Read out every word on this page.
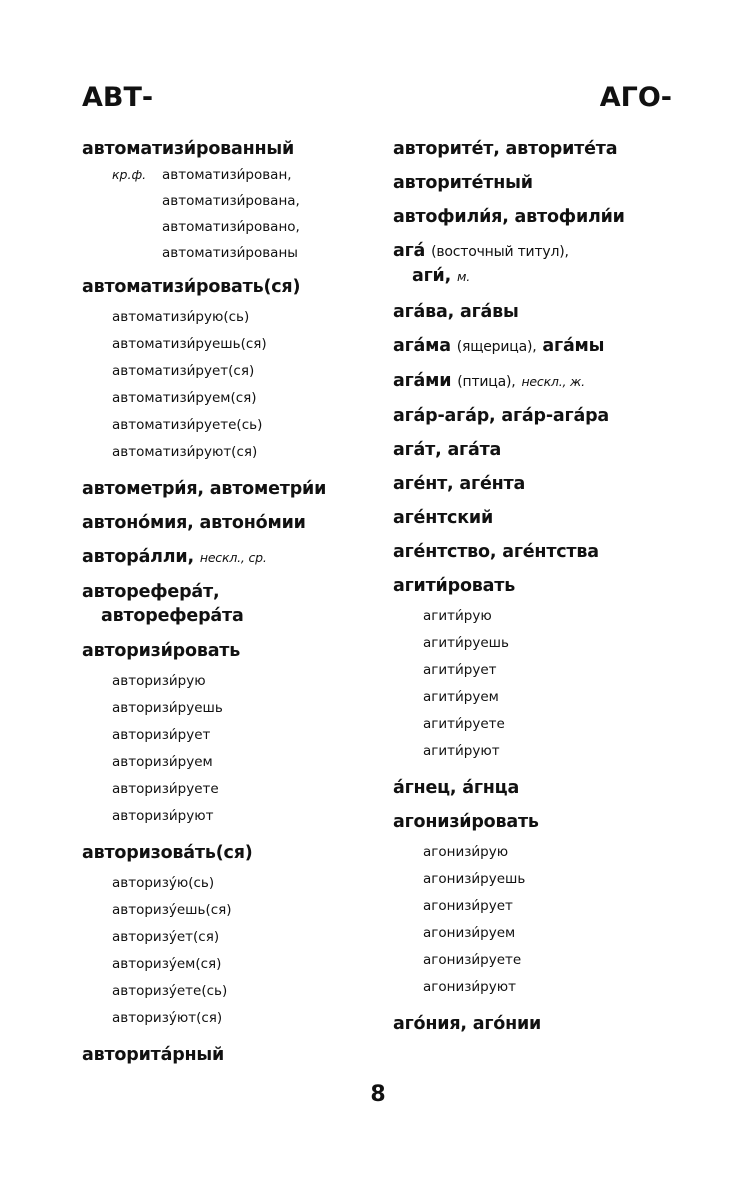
АВТ-	АГО-
автоматизи́рованный
кр.ф. автоматизи́рован,
автоматизи́рована,
автоматизи́ровано,
автоматизи́рованы
автоматизи́ровать(ся)
автоматизи́рую(сь)
автоматизи́руешь(ся)
автоматизи́рует(ся)
автоматизи́руем(ся)
автоматизи́руете(сь)
автоматизи́руют(ся)
автометри́я, автометри́и
автоно́мия, автоно́мии
автора́лли, нескл., ср.
автореферáт,
авторефера́та
авторизи́ровать
авторизи́рую
авторизи́руешь
авторизи́рует
авторизи́руем
авторизи́руете
авторизи́руют
авторизова́ть(ся)
авторизу́ю(сь)
авторизу́ешь(ся)
авторизу́ет(ся)
авторизу́ем(ся)
авторизу́ете(сь)
авторизу́ют(ся)
авторита́рный
авторитéт, авторитéта
авторитéтный
автофили́я, автофили́и
ага́ (восточный титул),
аги́, м.
ага́ва, ага́вы
ага́ма (ящерица), ага́мы
ага́ми (птица), нескл., ж.
ага́р-ага́р, ага́р-ага́ра
ага́т, ага́та
агéнт, агéнта
агéнтский
агéнтство, агéнтства
агити́ровать
агити́рую
агити́руешь
агити́рует
агити́руем
агити́руете
агити́руют
а́гнец, а́гнца
агонизи́ровать
агонизи́рую
агонизи́руешь
агонизи́рует
агонизи́руем
агонизи́руете
агонизи́руют
аго́ния, аго́нии
8
